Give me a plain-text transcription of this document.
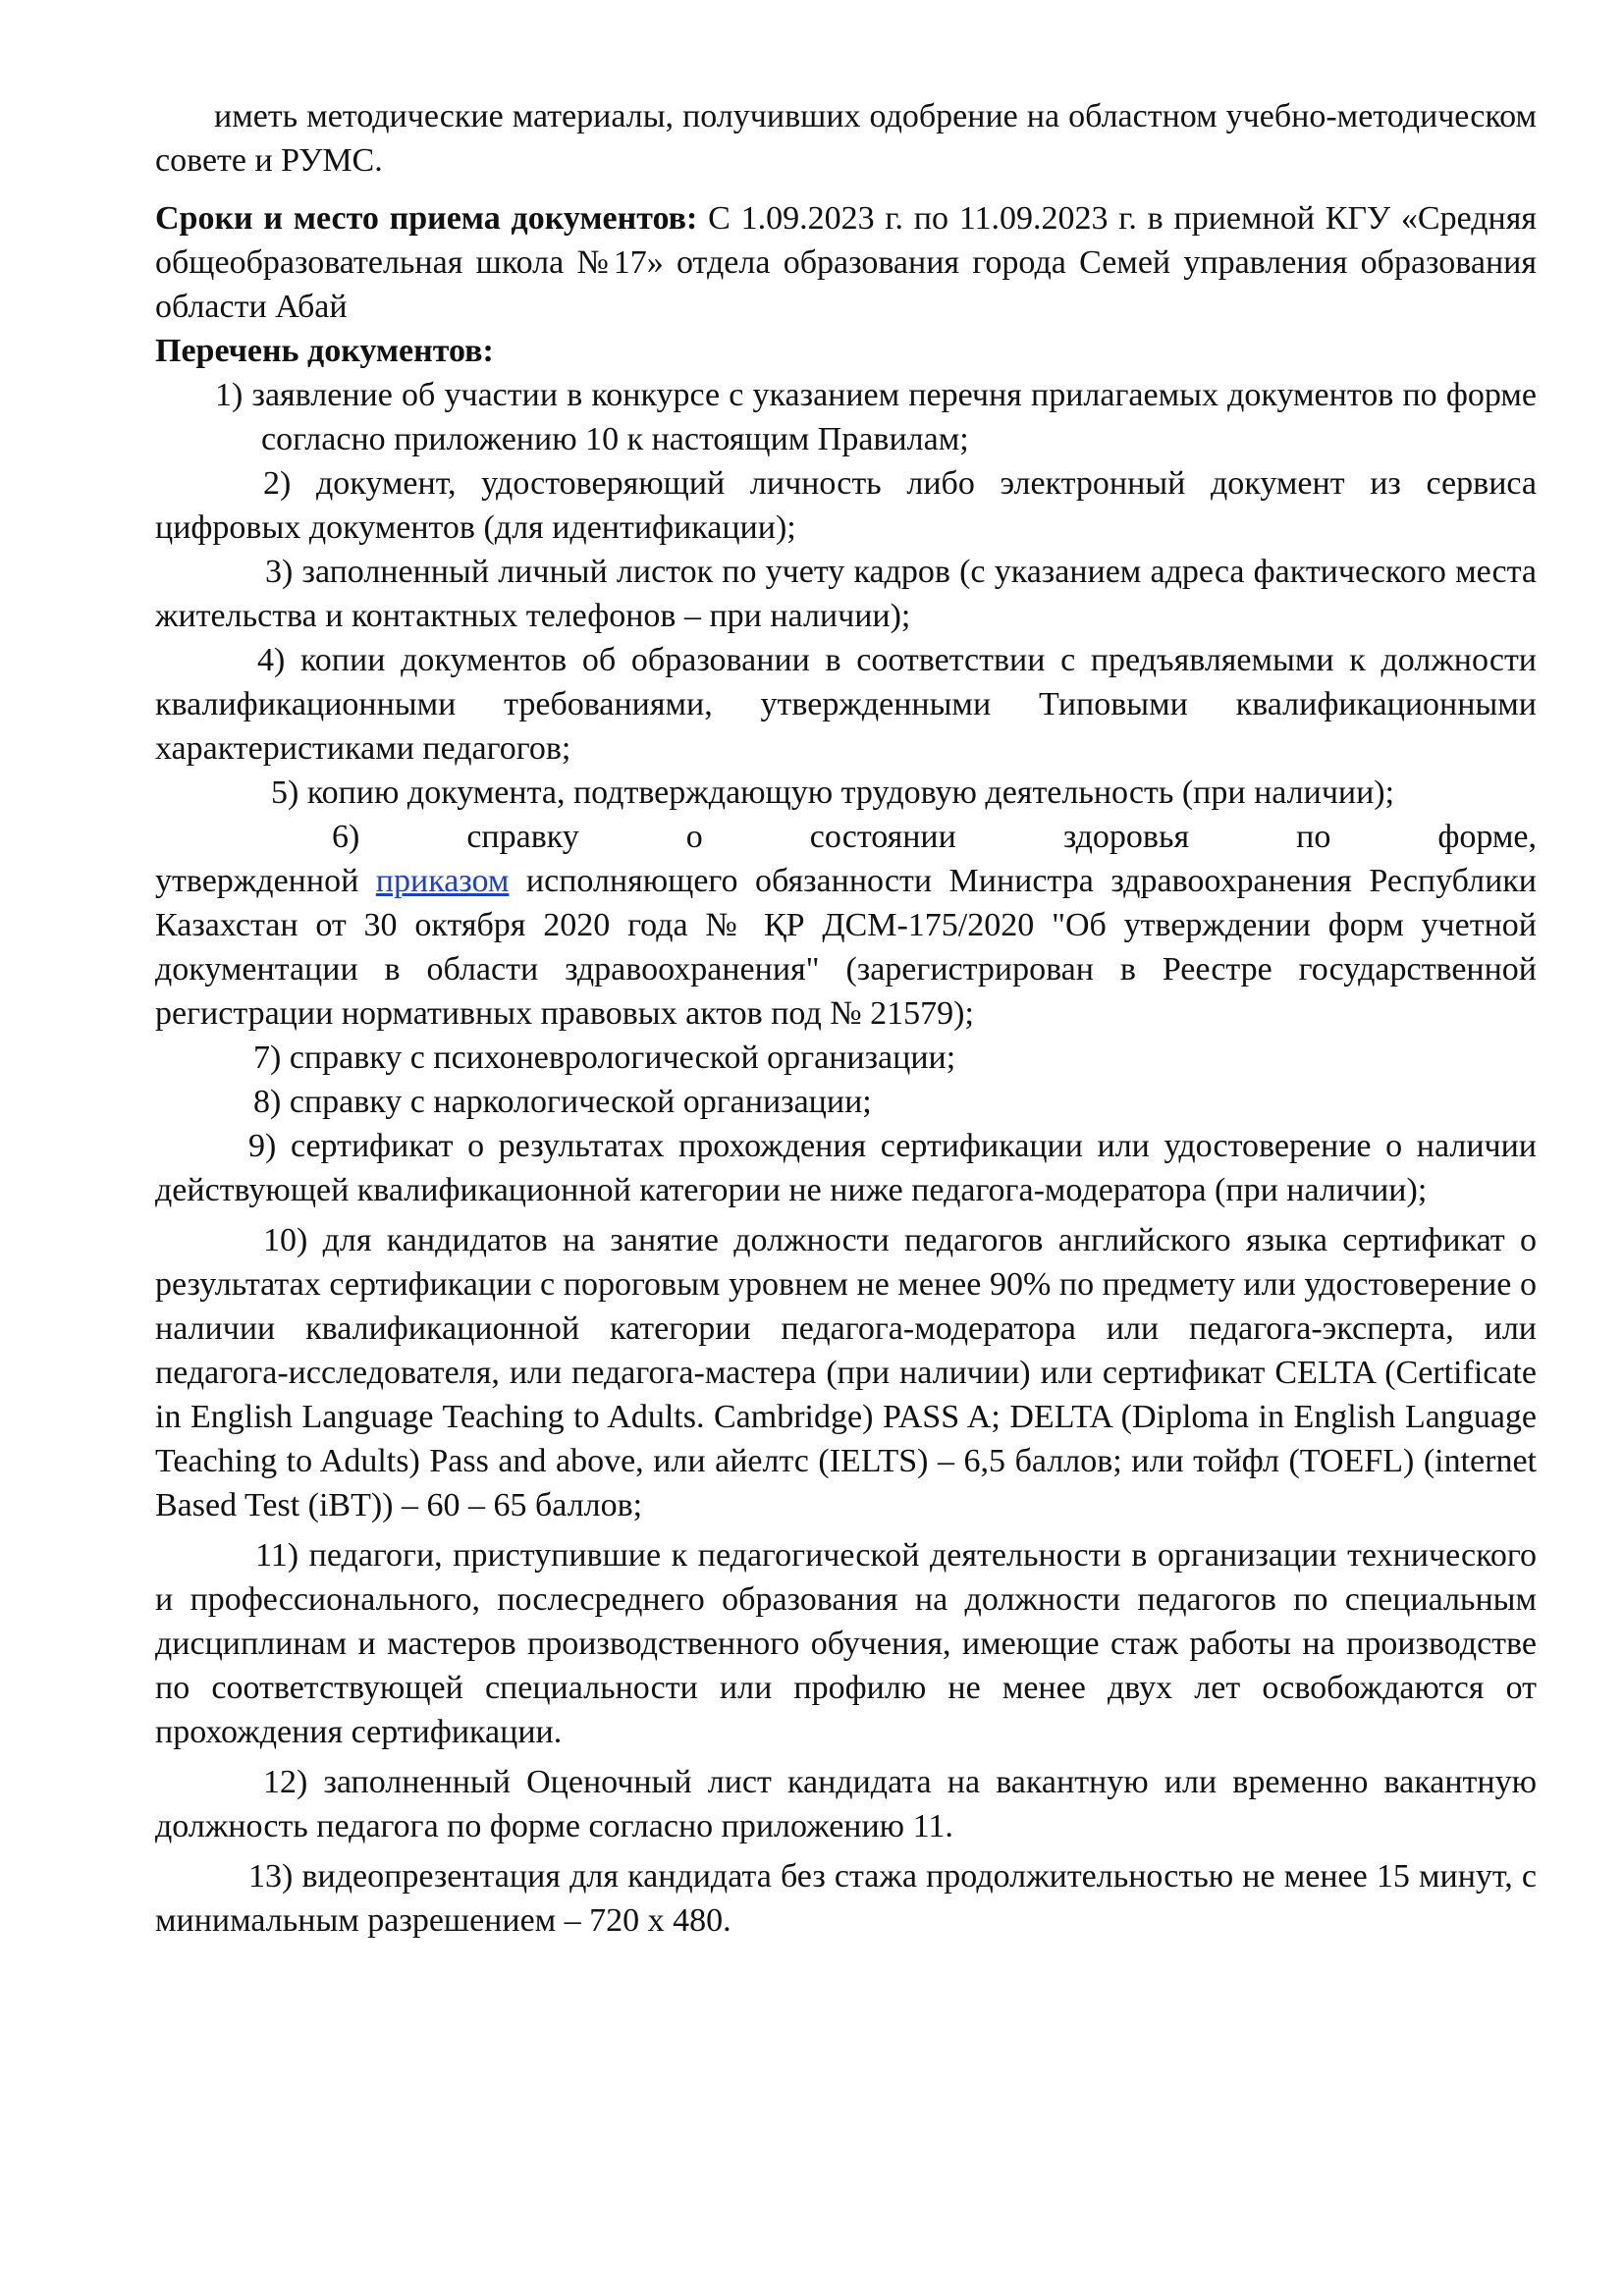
иметь методические материалы, получивших одобрение на областном учебно-методическом совете и РУМС.

Сроки и место приема документов: С 1.09.2023 г. по 11.09.2023 г. в приемной КГУ «Средняя общеобразовательная школа №17» отдела образования города Семей управления образования области Абай

Перечень документов:

1) заявление об участии в конкурсе с указанием перечня прилагаемых документов по форме согласно приложению 10 к настоящим Правилам;

2) документ, удостоверяющий личность либо электронный документ из сервиса цифровых документов (для идентификации);

3) заполненный личный листок по учету кадров (с указанием адреса фактического места жительства и контактных телефонов – при наличии);

4) копии документов об образовании в соответствии с предъявляемыми к должности квалификационными требованиями, утвержденными Типовыми квалификационными характеристиками педагогов;

5) копию документа, подтверждающую трудовую деятельность (при наличии);

6)	справку	о	состоянии	здоровья	по	форме,

утвержденной приказом исполняющего обязанности Министра здравоохранения Республики Казахстан от 30 октября 2020 года № ҚР ДСМ-175/2020 "Об утверждении форм учетной документации в области здравоохранения" (зарегистрирован в Реестре государственной регистрации нормативных правовых актов под № 21579);

7) справку с психоневрологической организации;

8) справку с наркологической организации;

9) сертификат о результатах прохождения сертификации или удостоверение о наличии действующей квалификационной категории не ниже педагога-модератора (при наличии);

10) для кандидатов на занятие должности педагогов английского языка сертификат о результатах сертификации с пороговым уровнем не менее 90% по предмету или удостоверение о наличии квалификационной категории педагога-модератора или педагога-эксперта, или педагога-исследователя, или педагога-мастера (при наличии) или сертификат CELTA (Certificate in English Language Teaching to Adults. Cambridge) PASS A; DELTA (Diploma in English Language Teaching to Adults) Pass and above, или айелтс (IELTS) – 6,5 баллов; или тойфл (TOEFL) (internet Based Test (iBT)) – 60 – 65 баллов;

11) педагоги, приступившие к педагогической деятельности в организации технического и профессионального, послесреднего образования на должности педагогов по специальным дисциплинам и мастеров производственного обучения, имеющие стаж работы на производстве по соответствующей специальности или профилю не менее двух лет освобождаются от прохождения сертификации.

12) заполненный Оценочный лист кандидата на вакантную или временно вакантную должность педагога по форме согласно приложению 11.

13) видеопрезентация для кандидата без стажа продолжительностью не менее 15 минут, с минимальным разрешением – 720 х 480.
